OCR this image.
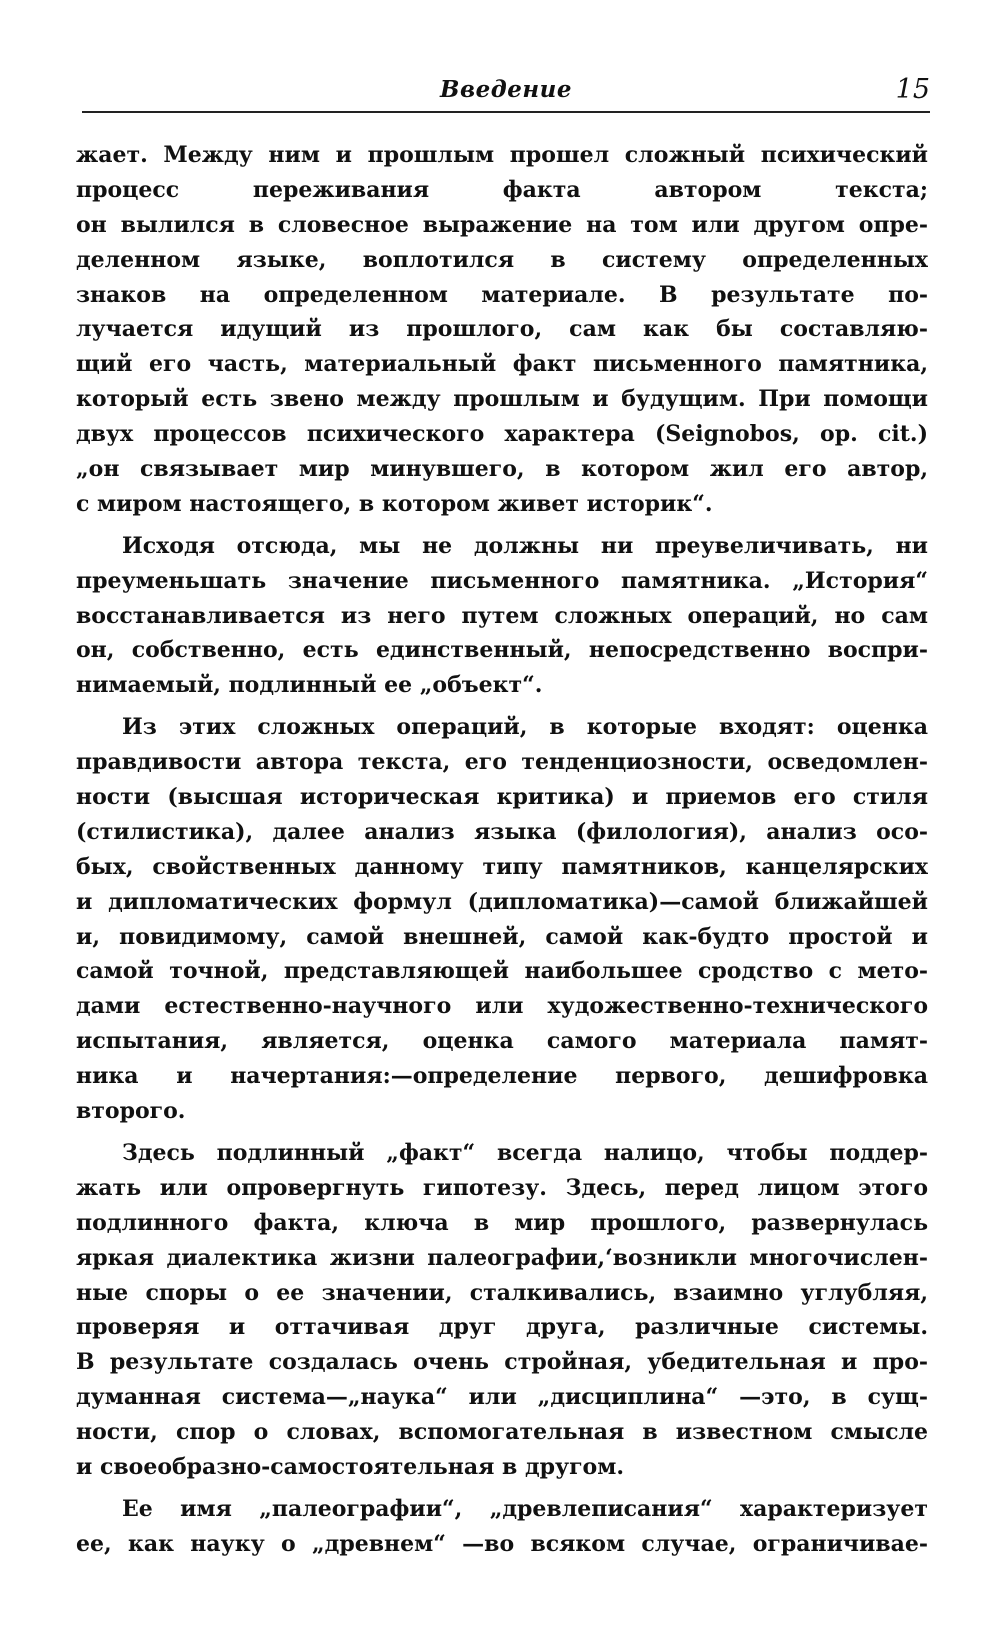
Введение	15
жает. Между ним и прошлым прошел сложный психический
процесс переживания факта автором текста;
он вылился в словесное выражение на том или другом опре-
деленном языке, воплотился в систему определенных
знаков на определенном материале. В результате по-
лучается идущий из прошлого, сам как бы составляю-
щий его часть, материальный факт письменного памятника,
который есть звено между прошлым и будущим. При помощи
двух процессов психического характера (Seignobos, op. cit.)
„он связывает мир минувшего, в котором жил его автор,
с миром настоящего, в котором живет историк“.
Исходя отсюда, мы не должны ни преувеличивать, ни
преуменьшать значение письменного памятника. „История“
восстанавливается из него путем сложных операций, но сам
он, собственно, есть единственный, непосредственно воспри-
нимаемый, подлинный ее „объект“.
Из этих сложных операций, в которые входят: оценка
правдивости автора текста, его тенденциозности, осведомлен-
ности (высшая историческая критика) и приемов его стиля
(стилистика), далее анализ языка (филология), анализ осо-
бых, свойственных данному типу памятников, канцелярских
и дипломатических формул (дипломатика)—самой ближайшей
и, повидимому, самой внешней, самой как-будто простой и
самой точной, представляющей наибольшее сродство с мето-
дами естественно-научного или художественно-технического
испытания, является, оценка самого материала памят-
ника и начертания:—определение первого, дешифровка
второго.
Здесь подлинный „факт“ всегда налицо, чтобы поддер-
жать или опровергнуть гипотезу. Здесь, перед лицом этого
подлинного факта, ключа в мир прошлого, развернулась
яркая диалектика жизни палеографии,‘возникли многочислен-
ные споры о ее значении, сталкивались, взаимно углубляя,
проверяя и оттачивая друг друга, различные системы.
В результате создалась очень стройная, убедительная и про-
думанная система—„наука“ или „дисциплина“ —это, в сущ-
ности, спор о словах, вспомогательная в известном смысле
и своеобразно-самостоятельная в другом.
Ее имя „палеографии“, „древлеписания“ характеризует
ее, как науку о „древнем“ —во всяком случае, ограничивае-
